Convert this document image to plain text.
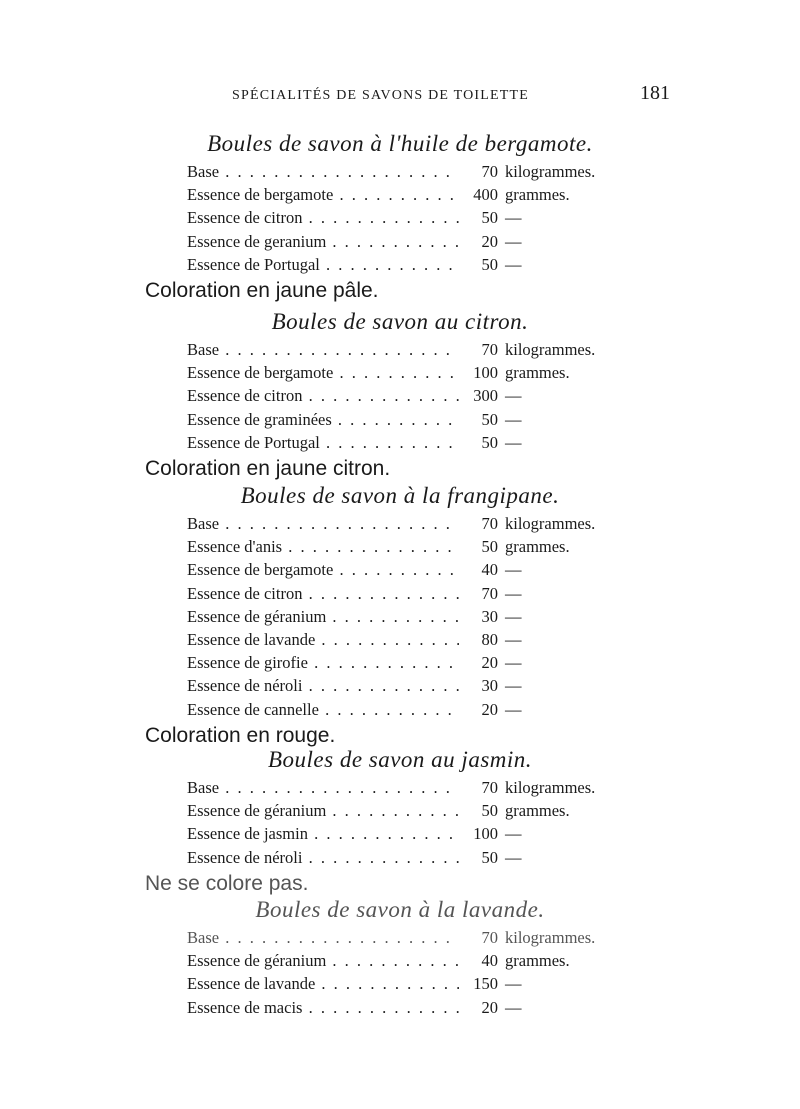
SPÉCIALITÉS DE SAVONS DE TOILETTE	181
Boules de savon à l'huile de bergamote.
Base . . .	70 kilogrammes.
Essence de bergamote . . .	400 grammes.
Essence de citron . . .	50 —
Essence de geranium . . .	20 —
Essence de Portugal . . .	50 —
Coloration en jaune pâle.
Boules de savon au citron.
Base . . .	70 kilogrammes.
Essence de bergamote . . .	100 grammes.
Essence de citron . . .	300 —
Essence de graminées . . .	50 —
Essence de Portugal . . .	50 —
Coloration en jaune citron.
Boules de savon à la frangipane.
Base . . .	70 kilogrammes.
Essence d'anis . . .	50 grammes.
Essence de bergamote . . .	40 —
Essence de citron . . .	70 —
Essence de géranium . . .	30 —
Essence de lavande . . .	80 —
Essence de girofie . . .	20 —
Essence de néroli . . .	30 —
Essence de cannelle . . .	20 —
Coloration en rouge.
Boules de savon au jasmin.
Base . . .	70 kilogrammes.
Essence de géranium . . .	50 grammes.
Essence de jasmin . . .	100 —
Essence de néroli . . .	50 —
Ne se colore pas.
Boules de savon à la lavande.
Base . . .	70 kilogrammes.
Essence de géranium . . .	40 grammes.
Essence de lavande . . .	150 —
Essence de macis . . .	20 —
